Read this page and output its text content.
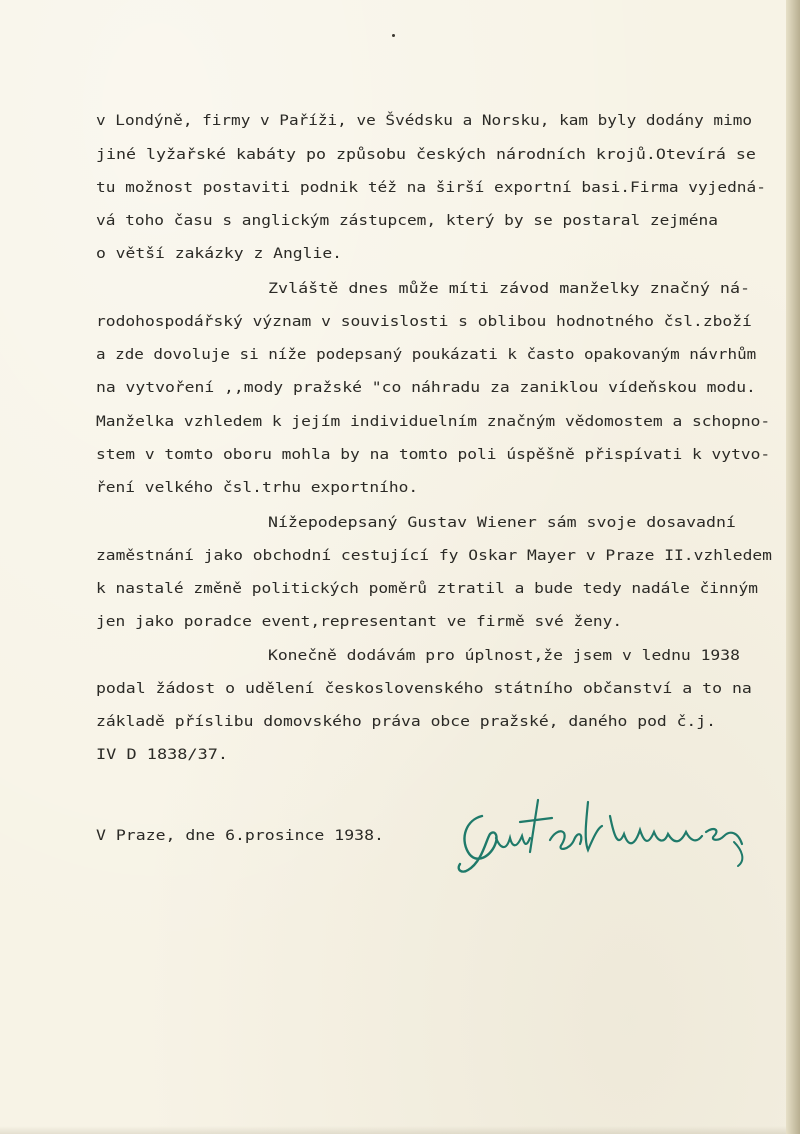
v Londýně, firmy v Paříži, ve Švédsku a Norsku, kam byly dodány mimo
jiné lyžařské kabáty po způsobu českých národních krojů.Otevírá se
tu možnost postaviti podnik též na širší exportní basi.Firma vyjedná-
vá toho času s anglickým zástupcem, který by se postaral zejména
o větší zakázky z Anglie.
Zvláště dnes může míti závod manželky značný ná-
rodohospodářský význam v souvislosti s oblibou hodnotného čsl.zboží
a zde dovoluje si níže podepsaný poukázati k často opakovaným návrhům
na vytvoření ,,mody pražské "co náhradu za zaniklou vídeňskou modu.
Manželka vzhledem k jejím individuelním značným vědomostem a schopno-
stem v tomto oboru mohla by na tomto poli úspěšně přispívati k vytvo-
ření velkého čsl.trhu exportního.
Nížepodepsaný Gustav Wiener sám svoje dosavadní
zaměstnání jako obchodní cestující fy Oskar Mayer v Praze II.vzhledem
k nastalé změně politických poměrů ztratil a bude tedy nadále činným
jen jako poradce event,representant ve firmě své ženy.
Konečně dodávám pro úplnost,že jsem v lednu 1938
podal žádost o udělení československého státního občanství a to na
základě příslibu domovského práva obce pražské, daného pod č.j.
IV D 1838/37.
V Praze, dne 6.prosince 1938.
